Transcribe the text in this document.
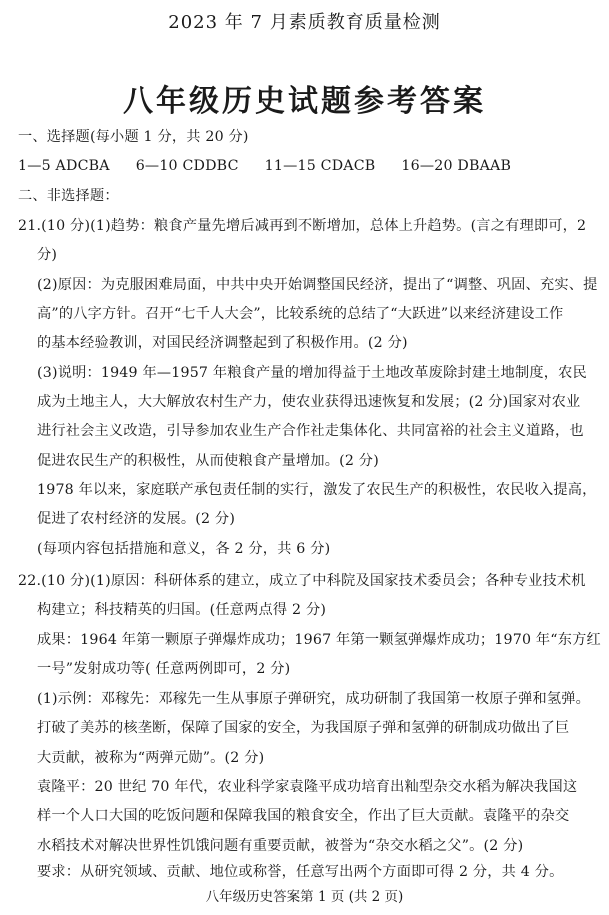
2023 年 7 月素质教育质量检测
八年级历史试题参考答案
一、选择题(每小题 1 分，共 20 分)
1—5 ADCBA 6—10 CDDBC 11—15 CDACB 16—20 DBAAB
二、非选择题：
21.(10 分)(1)趋势：粮食产量先增后减再到不断增加，总体上升趋势。(言之有理即可，2
分)
(2)原因：为克服困难局面，中共中央开始调整国民经济，提出了“调整、巩固、充实、提
高”的八字方针。召开“七千人大会”，比较系统的总结了“大跃进”以来经济建设工作
的基本经验教训，对国民经济调整起到了积极作用。(2 分)
(3)说明：1949 年—1957 年粮食产量的增加得益于土地改革废除封建土地制度，农民
成为土地主人，大大解放农村生产力，使农业获得迅速恢复和发展；(2 分)国家对农业
进行社会主义改造，引导参加农业生产合作社走集体化、共同富裕的社会主义道路，也
促进农民生产的积极性，从而使粮食产量增加。(2 分)
1978 年以来，家庭联产承包责任制的实行，激发了农民生产的积极性，农民收入提高，
促进了农村经济的发展。(2 分)
(每项内容包括措施和意义，各 2 分，共 6 分)
22.(10 分)(1)原因：科研体系的建立，成立了中科院及国家技术委员会；各种专业技术机
构建立；科技精英的归国。(任意两点得 2 分)
成果：1964 年第一颗原子弹爆炸成功；1967 年第一颗氢弹爆炸成功；1970 年“东方红
一号”发射成功等( 任意两例即可，2 分)
(1)示例：邓稼先：邓稼先一生从事原子弹研究，成功研制了我国第一枚原子弹和氢弹。
打破了美苏的核垄断，保障了国家的安全，为我国原子弹和氢弹的研制成功做出了巨
大贡献，被称为“两弹元勋”。(2 分)
袁隆平：20 世纪 70 年代，农业科学家袁隆平成功培育出籼型杂交水稻为解决我国这
样一个人口大国的吃饭问题和保障我国的粮食安全，作出了巨大贡献。袁隆平的杂交
水稻技术对解决世界性饥饿问题有重要贡献，被誉为“杂交水稻之父”。(2 分)
要求：从研究领域、贡献、地位或称誉，任意写出两个方面即可得 2 分，共 4 分。
八年级历史答案第 1 页 (共 2 页)
